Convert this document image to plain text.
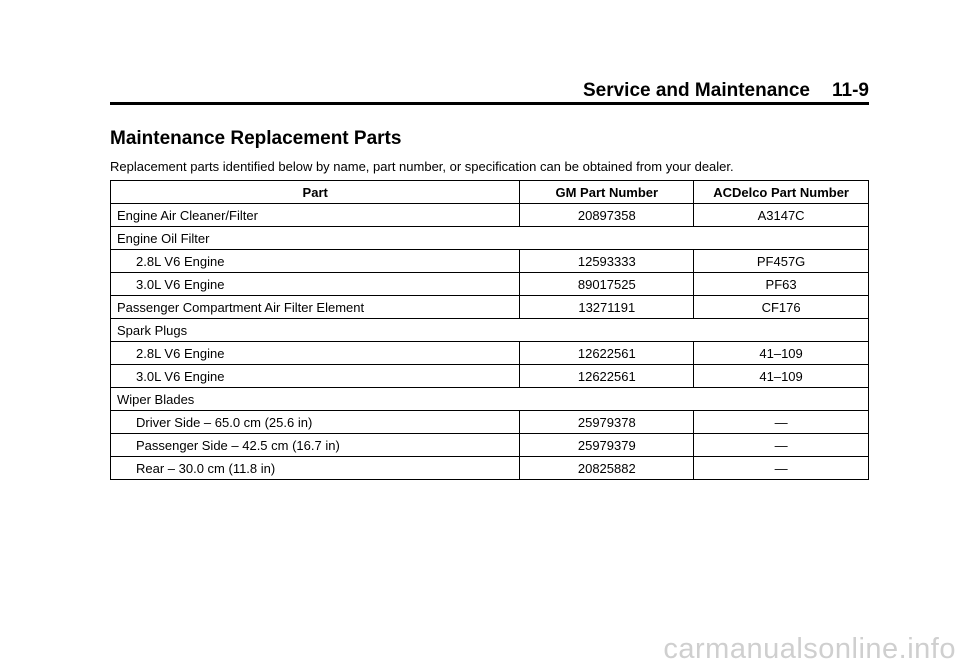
Service and Maintenance 11-9
Maintenance Replacement Parts

Replacement parts identified below by name, part number, or specification can be obtained from your dealer.

Part	GM Part Number	ACDelco Part Number
Engine Air Cleaner/Filter	20897358	A3147C
Engine Oil Filter		
2.8L V6 Engine	12593333	PF457G
3.0L V6 Engine	89017525	PF63
Passenger Compartment Air Filter Element	13271191	CF176
Spark Plugs		
2.8L V6 Engine	12622561	41–109
3.0L V6 Engine	12622561	41–109
Wiper Blades		
Driver Side – 65.0 cm (25.6 in)	25979378	—
Passenger Side – 42.5 cm (16.7 in)	25979379	—
Rear – 30.0 cm (11.8 in)	20825882	—
carmanualsonline.info
